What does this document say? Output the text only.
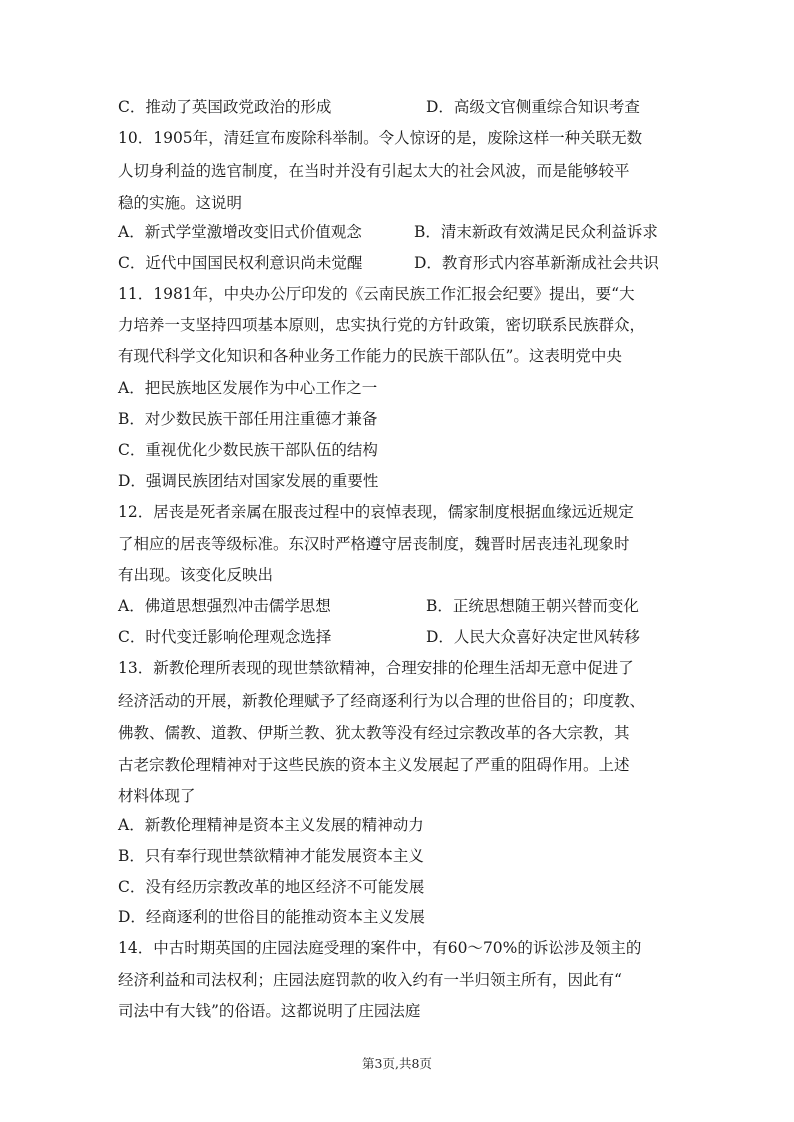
C．推动了英国政党政治的形成	D．高级文官侧重综合知识考查
10．1905年，清廷宣布废除科举制。令人惊讶的是，废除这样一种关联无数
人切身利益的选官制度，在当时并没有引起太大的社会风波，而是能够较平
稳的实施。这说明
A．新式学堂激增改变旧式价值观念	B．清末新政有效满足民众利益诉求
C．近代中国国民权利意识尚未觉醒	D．教育形式内容革新渐成社会共识
11．1981年，中央办公厅印发的《云南民族工作汇报会纪要》提出，要“大
力培养一支坚持四项基本原则，忠实执行党的方针政策，密切联系民族群众，
有现代科学文化知识和各种业务工作能力的民族干部队伍”。这表明党中央
A．把民族地区发展作为中心工作之一
B．对少数民族干部任用注重德才兼备
C．重视优化少数民族干部队伍的结构
D．强调民族团结对国家发展的重要性
12．居丧是死者亲属在服丧过程中的哀悼表现，儒家制度根据血缘远近规定
了相应的居丧等级标准。东汉时严格遵守居丧制度，魏晋时居丧违礼现象时
有出现。该变化反映出
A．佛道思想强烈冲击儒学思想	B．正统思想随王朝兴替而变化
C．时代变迁影响伦理观念选择	D．人民大众喜好决定世风转移
13．新教伦理所表现的现世禁欲精神，合理安排的伦理生活却无意中促进了
经济活动的开展，新教伦理赋予了经商逐利行为以合理的世俗目的；印度教、
佛教、儒教、道教、伊斯兰教、犹太教等没有经过宗教改革的各大宗教，其
古老宗教伦理精神对于这些民族的资本主义发展起了严重的阻碍作用。上述
材料体现了
A．新教伦理精神是资本主义发展的精神动力
B．只有奉行现世禁欲精神才能发展资本主义
C．没有经历宗教改革的地区经济不可能发展
D．经商逐利的世俗目的能推动资本主义发展
14．中古时期英国的庄园法庭受理的案件中，有60～70%的诉讼涉及领主的
经济利益和司法权利；庄园法庭罚款的收入约有一半归领主所有，因此有“
司法中有大钱”的俗语。这都说明了庄园法庭
第3页,共8页
